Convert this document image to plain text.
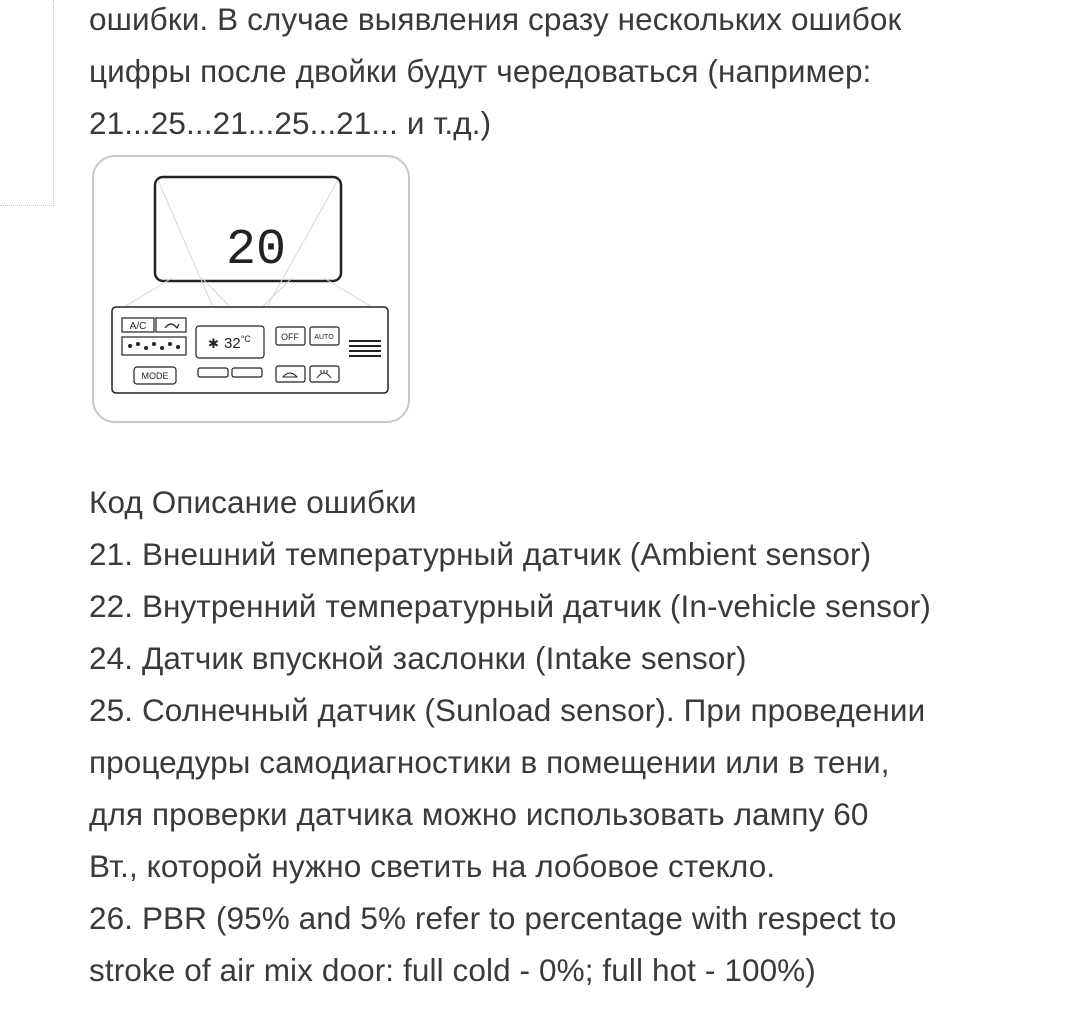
ошибки. В случае выявления сразу нескольких ошибок
цифры после двойки будут чередоваться (например:
21...25...21...25...21... и т.д.)
20
A/C
MODE
✱ $32^{^\circ C}$	OFF AUTO
Код Описание ошибки
21. Внешний температурный датчик (Ambient sensor)
22. Внутренний температурный датчик (In-vehicle sensor)
24. Датчик впускной заслонки (Intake sensor)
25. Солнечный датчик (Sunload sensor). При проведении
процедуры самодиагностики в помещении или в тени,
для проверки датчика можно использовать лампу 60
Вт., которой нужно светить на лобовое стекло.
26. PBR (95% and 5% refer to percentage with respect to
stroke of air mix door: full cold - 0%; full hot - 100%)
